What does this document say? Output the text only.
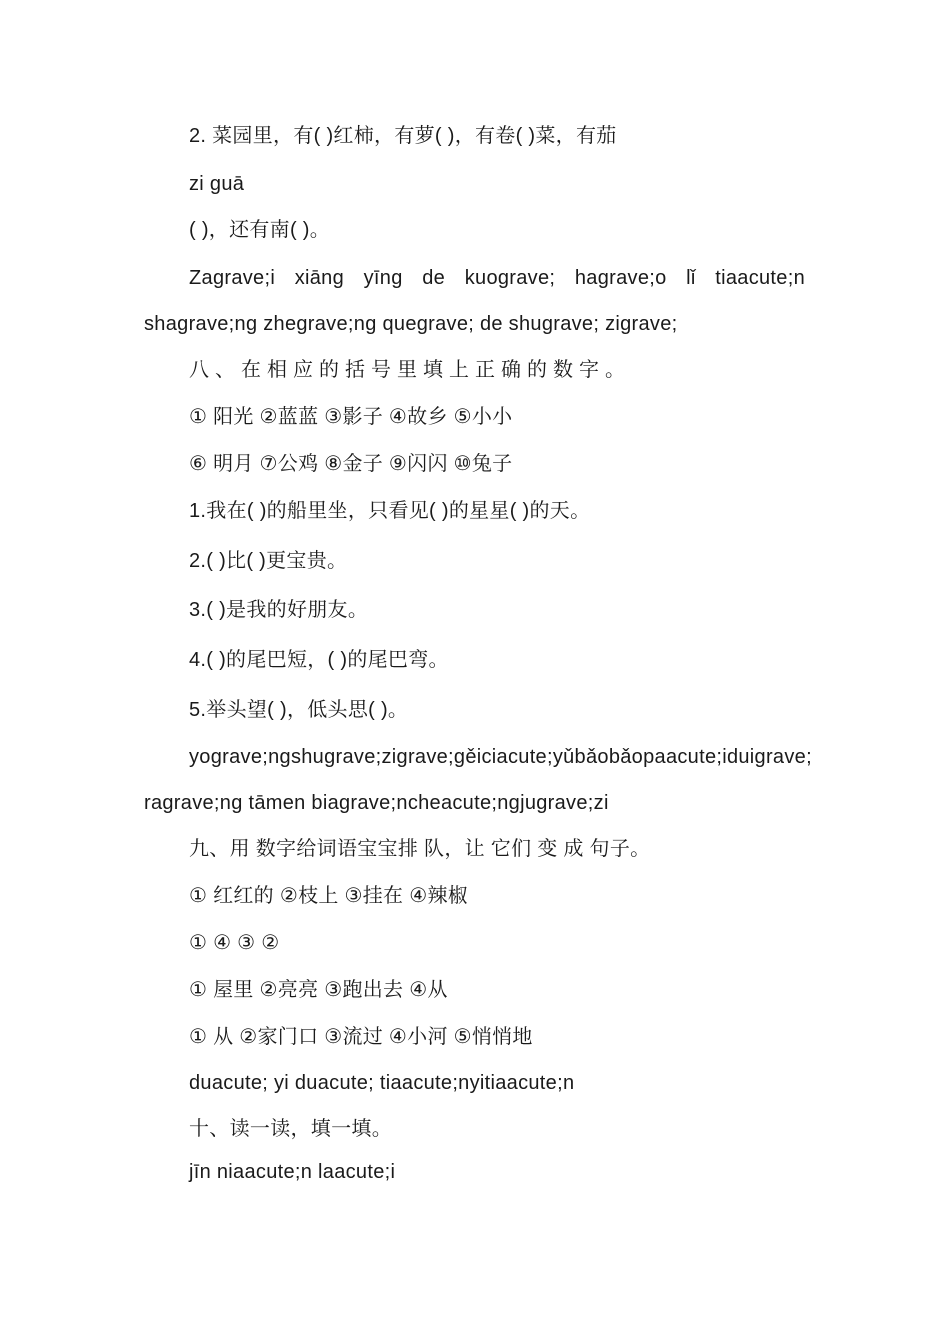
2. 菜园里，有( )红柿，有萝( )，有卷( )菜，有茄
zi guā
( )，还有南( )。
Zagrave;i xiāng yīng de kuograve; hagrave;o lǐ tiaacute;n
shagrave;ng zhegrave;ng quegrave; de shugrave; zigrave;
八、在相应的括号里填上正确的数字。
① 阳光 ②蓝蓝 ③影子 ④故乡 ⑤小小
⑥ 明月 ⑦公鸡 ⑧金子 ⑨闪闪 ⑩兔子
1.我在( )的船里坐，只看见( )的星星( )的天。
2.( )比( )更宝贵。
3.( )是我的好朋友。
4.( )的尾巴短，( )的尾巴弯。
5.举头望( )，低头思( )。
yograve;ngshugrave;zigrave;gěiciacute;yǔbǎobǎopaacute;iduigrave;
ragrave;ng tāmen biagrave;ncheacute;ngjugrave;zi
九、用 数字给词语宝宝排 队，让 它们 变 成 句子。
① 红红的 ②枝上 ③挂在 ④辣椒
① ④ ③ ②
① 屋里 ②亮亮 ③跑出去 ④从
① 从 ②家门口 ③流过 ④小河 ⑤悄悄地
duacute; yi duacute; tiaacute;nyitiaacute;n
十、读一读，填一填。
jīn niaacute;n laacute;i
